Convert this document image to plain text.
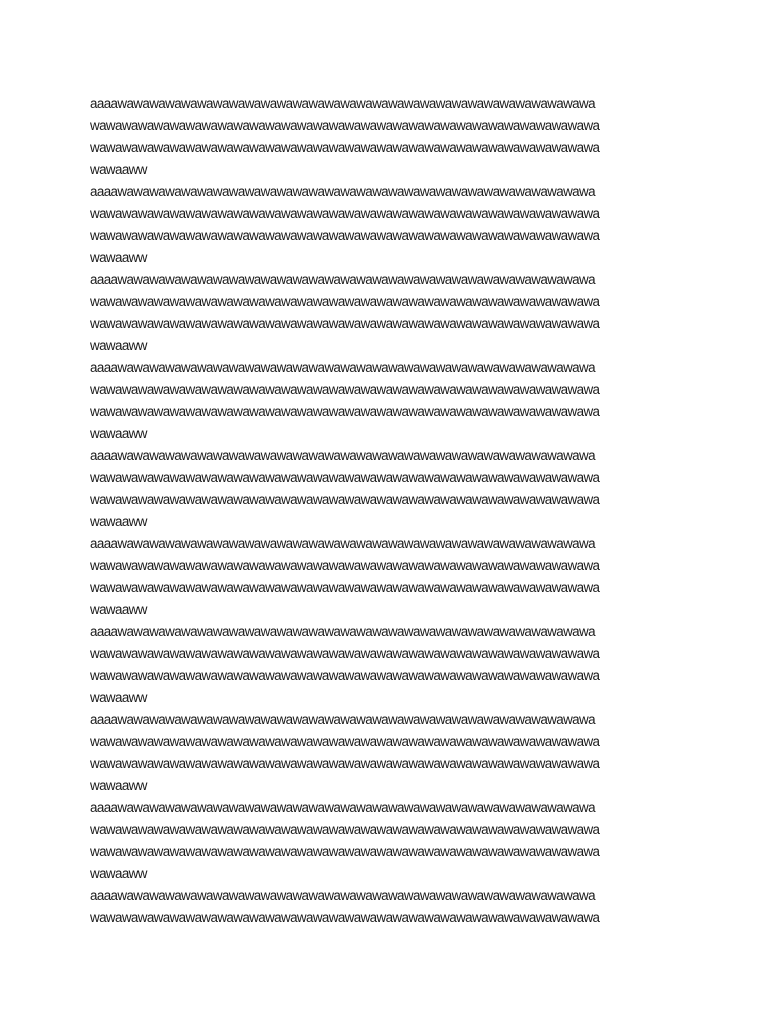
aaaawawawawawawawawawawawawawawawawawawawawawawawawawawawawawawa
wawawawawawawawawawawawawawawawawawawawawawawawawawawawawawawawa
wawawawawawawawawawawawawawawawawawawawawawawawawawawawawawawawa
wawaaww

aaaawawawawawawawawawawawawawawawawawawawawawawawawawawawawawawa
wawawawawawawawawawawawawawawawawawawawawawawawawawawawawawawawa
wawawawawawawawawawawawawawawawawawawawawawawawawawawawawawawawa
wawaaww

aaaawawawawawawawawawawawawawawawawawawawawawawawawawawawawawawa
wawawawawawawawawawawawawawawawawawawawawawawawawawawawawawawawa
wawawawawawawawawawawawawawawawawawawawawawawawawawawawawawawawa
wawaaww

aaaawawawawawawawawawawawawawawawawawawawawawawawawawawawawawawa
wawawawawawawawawawawawawawawawawawawawawawawawawawawawawawawawa
wawawawawawawawawawawawawawawawawawawawawawawawawawawawawawawawa
wawaaww

aaaawawawawawawawawawawawawawawawawawawawawawawawawawawawawawawa
wawawawawawawawawawawawawawawawawawawawawawawawawawawawawawawawa
wawawawawawawawawawawawawawawawawawawawawawawawawawawawawawawawa
wawaaww

aaaawawawawawawawawawawawawawawawawawawawawawawawawawawawawawawa
wawawawawawawawawawawawawawawawawawawawawawawawawawawawawawawawa
wawawawawawawawawawawawawawawawawawawawawawawawawawawawawawawawa
wawaaww

aaaawawawawawawawawawawawawawawawawawawawawawawawawawawawawawawa
wawawawawawawawawawawawawawawawawawawawawawawawawawawawawawawawa
wawawawawawawawawawawawawawawawawawawawawawawawawawawawawawawawa
wawaaww

aaaawawawawawawawawawawawawawawawawawawawawawawawawawawawawawawa
wawawawawawawawawawawawawawawawawawawawawawawawawawawawawawawawa
wawawawawawawawawawawawawawawawawawawawawawawawawawawawawawawawa
wawaaww

aaaawawawawawawawawawawawawawawawawawawawawawawawawawawawawawawa
wawawawawawawawawawawawawawawawawawawawawawawawawawawawawawawawa
wawawawawawawawawawawawawawawawawawawawawawawawawawawawawawawawa
wawaaww

aaaawawawawawawawawawawawawawawawawawawawawawawawawawawawawawawa
wawawawawawawawawawawawawawawawawawawawawawawawawawawawawawawawa
